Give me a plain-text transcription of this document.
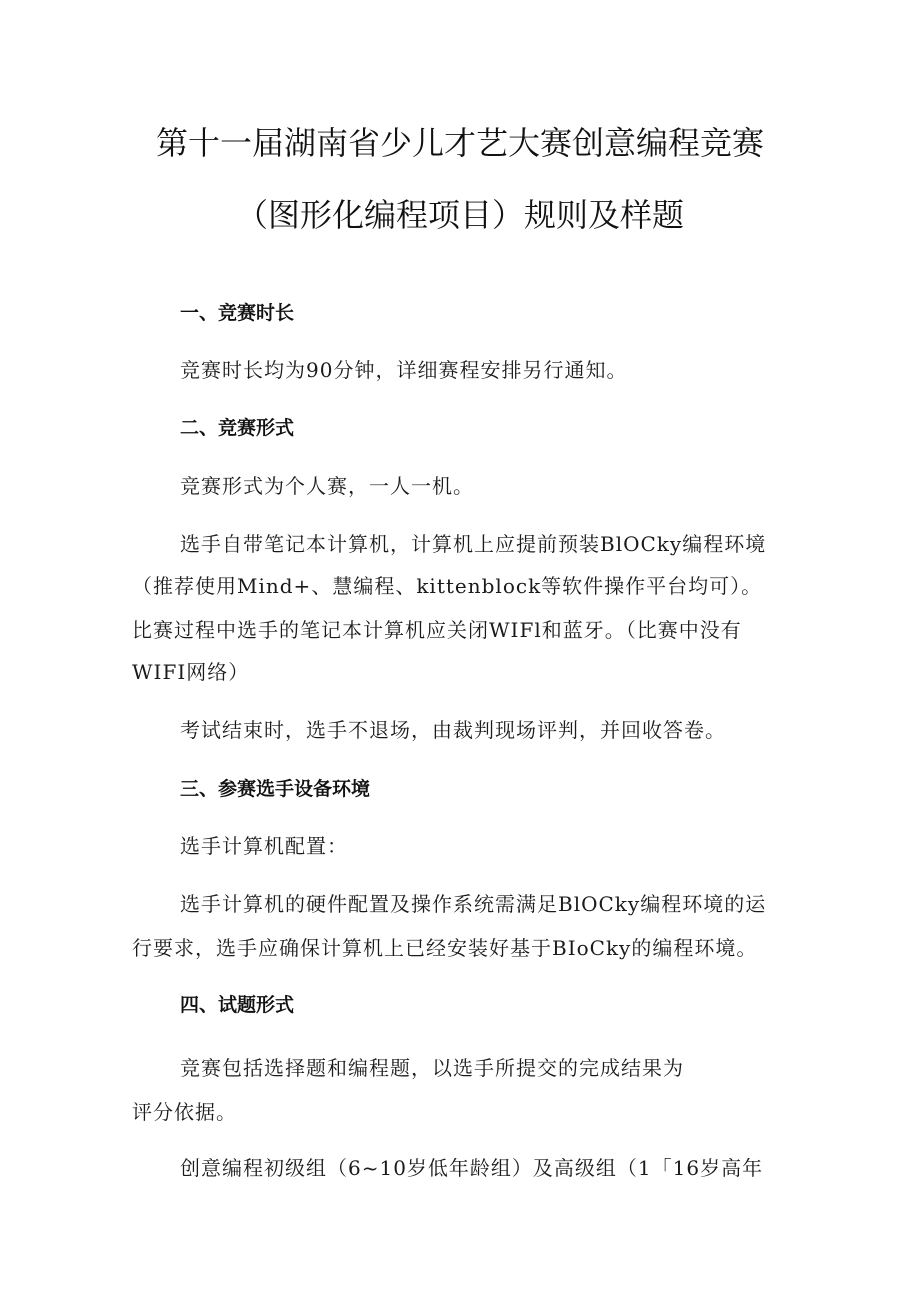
第十一届湖南省少儿才艺大赛创意编程竞赛
（图形化编程项目）规则及样题
一、竞赛时长
竞赛时长均为90分钟，详细赛程安排另行通知。
二、竞赛形式
竞赛形式为个人赛，一人一机。
选手自带笔记本计算机，计算机上应提前预装BlOCky编程环境
（推荐使用Mind+、慧编程、kittenblock等软件操作平台均可）。
比赛过程中选手的笔记本计算机应关闭WIFl和蓝牙。（比赛中没有
WIFI网络）
考试结束时，选手不退场，由裁判现场评判，并回收答卷。
三、参赛选手设备环境
选手计算机配置：
选手计算机的硬件配置及操作系统需满足BlOCky编程环境的运
行要求，选手应确保计算机上已经安装好基于BIoCky的编程环境。
四、试题形式
竞赛包括选择题和编程题，以选手所提交的完成结果为
评分依据。
创意编程初级组（6~10岁低年龄组）及高级组（1「16岁高年
